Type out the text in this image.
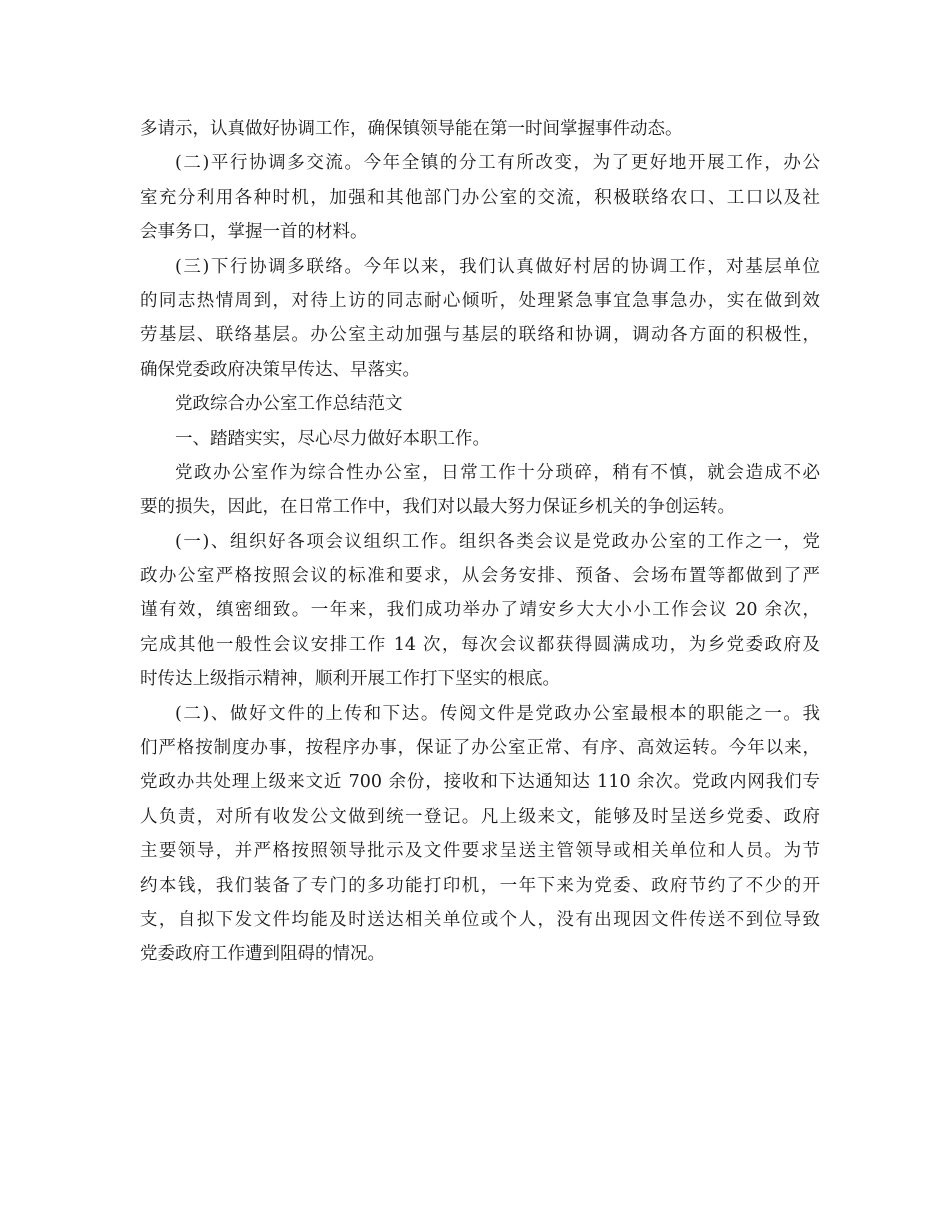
多请示，认真做好协调工作，确保镇领导能在第一时间掌握事件动态。
(二)平行协调多交流。今年全镇的分工有所改变，为了更好地开展工作，办公
室充分利用各种时机，加强和其他部门办公室的交流，积极联络农口、工口以及社
会事务口，掌握一首的材料。
(三)下行协调多联络。今年以来，我们认真做好村居的协调工作，对基层单位
的同志热情周到，对待上访的同志耐心倾听，处理紧急事宜急事急办，实在做到效
劳基层、联络基层。办公室主动加强与基层的联络和协调，调动各方面的积极性，
确保党委政府决策早传达、早落实。
党政综合办公室工作总结范文
一、踏踏实实，尽心尽力做好本职工作。
党政办公室作为综合性办公室，日常工作十分琐碎，稍有不慎，就会造成不必
要的损失，因此，在日常工作中，我们对以最大努力保证乡机关的争创运转。
(一)、组织好各项会议组织工作。组织各类会议是党政办公室的工作之一，党
政办公室严格按照会议的标准和要求，从会务安排、预备、会场布置等都做到了严
谨有效，缜密细致。一年来，我们成功举办了靖安乡大大小小工作会议 20 余次，
完成其他一般性会议安排工作 14 次，每次会议都获得圆满成功，为乡党委政府及
时传达上级指示精神，顺利开展工作打下坚实的根底。
(二)、做好文件的上传和下达。传阅文件是党政办公室最根本的职能之一。我
们严格按制度办事，按程序办事，保证了办公室正常、有序、高效运转。今年以来，
党政办共处理上级来文近 700 余份，接收和下达通知达 110 余次。党政内网我们专
人负责，对所有收发公文做到统一登记。凡上级来文，能够及时呈送乡党委、政府
主要领导，并严格按照领导批示及文件要求呈送主管领导或相关单位和人员。为节
约本钱，我们装备了专门的多功能打印机，一年下来为党委、政府节约了不少的开
支，自拟下发文件均能及时送达相关单位或个人，没有出现因文件传送不到位导致
党委政府工作遭到阻碍的情况。
